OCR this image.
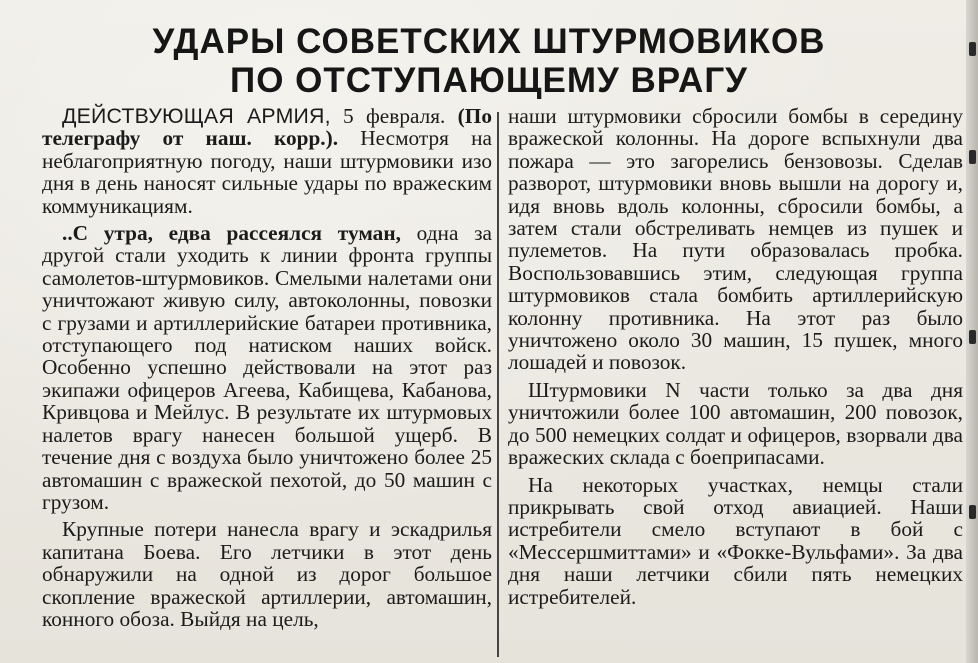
УДАРЫ СОВЕТСКИХ ШТУРМОВИКОВ
ПО ОТСТУПАЮЩЕМУ ВРАГУ

ДЕЙСТВУЮЩАЯ АРМИЯ, 5 февраля. (По телеграфу от наш. корр.). Несмотря на неблагоприятную погоду, наши штурмовики изо дня в день наносят сильные удары по вражеским коммуникациям.

..С утра, едва рассеялся туман, одна за другой стали уходить к линии фронта группы самолетов-штурмовиков. Смелыми налетами они уничтожают живую силу, автоколонны, повозки с грузами и артиллерийские батареи противника, отступающего под натиском наших войск. Особенно успешно действовали на этот раз экипажи офицеров Агеева, Кабищева, Кабанова, Кривцова и Мейлус. В результате их штурмовых налетов врагу нанесен большой ущерб. В течение дня с воздуха было уничтожено более 25 автомашин с вражеской пехотой, до 50 машин с грузом.

Крупные потери нанесла врагу и эскадрилья капитана Боева. Его летчики в этот день обнаружили на одной из дорог большое скопление вражеской артиллерии, автомашин, конного обоза. Выйдя на цель,

наши штурмовики сбросили бомбы в середину вражеской колонны. На дороге вспыхнули два пожара — это загорелись бензовозы. Сделав разворот, штурмовики вновь вышли на дорогу и, идя вновь вдоль колонны, сбросили бомбы, а затем стали обстреливать немцев из пушек и пулеметов. На пути образовалась пробка. Воспользовавшись этим, следующая группа штурмовиков стала бомбить артиллерийскую колонну противника. На этот раз было уничтожено около 30 машин, 15 пушек, много лошадей и повозок.

Штурмовики N части только за два дня уничтожили более 100 автомашин, 200 повозок, до 500 немецких солдат и офицеров, взорвали два вражеских склада с боеприпасами.

На некоторых участках, немцы стали прикрывать свой отход авиацией. Наши истребители смело вступают в бой с «Мессершмиттами» и «Фокке-Вульфами». За два дня наши летчики сбили пять немецких истребителей.
